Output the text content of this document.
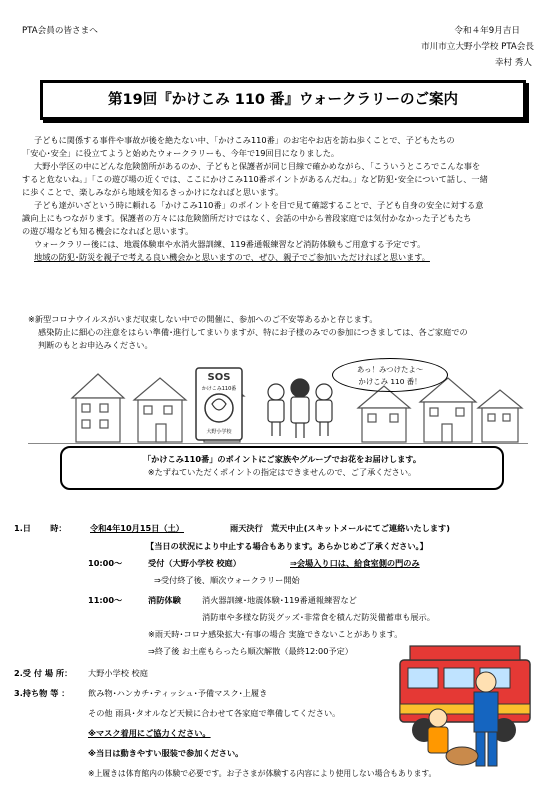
PTA会員の皆さまへ	令和４年9月吉日
市川市立大野小学校 PTA会長
幸村 秀人
第19回『かけこみ 110 番』ウォークラリーのご案内

子どもに関係する事件や事故が後を絶たない中、「かけこみ110番」のお宅やお店を訪ね歩くことで、子どもたちの

「安心･安全」に役立てようと始めたウォークラリーも、今年で19回目になりました。

大野小学区の中にどんな危険箇所があるのか、子どもと保護者が同じ目線で確かめながら、「こういうところでこんな事を

すると危ないね。」「この遊び場の近くでは、ここにかけこみ110番ポイントがあるんだね。」など防犯･安全について話し、一緒

に歩くことで、楽しみながら地域を知るきっかけになればと思います。

子ども達がいざという時に頼れる「かけこみ110番」のポイントを目で見て確認することで、子ども自身の安全に対する意

識向上にもつながります。保護者の方々には危険箇所だけではなく、会話の中から普段家庭では気付かなかった子どもたち

の遊び場なども知る機会になればと思います。

ウォークラリー後には、地震体験車や水消火器訓練、119番通報練習など消防体験もご用意する予定です。

地域の防犯･防災を親子で考える良い機会かと思いますので、ぜひ、親子でご参加いただければと思います。

※新型コロナウイルスがいまだ収束しない中での開催に、参加へのご不安等あるかと存じます。
感染防止に細心の注意をはらい準備･進行してまいりますが、特にお子様のみでの参加につきましては、各ご家庭での
判断のもとお申込みください。
SOS
かけこみ110番
大野小学校
あっ！みつけたよ～
かけこみ 110 番！
「かけこみ110番」のポイントにご家族やグループでお花をお届けします。
※たずねていただくポイントの指定はできませんので、ご了承ください。
1.日　　 時：	令和4年10月15日（土）	雨天決行　荒天中止(スキットメールにてご連絡いたします)
【当日の状況により中止する場合もあります。あらかじめご了承ください。】
10:00～	受付（大野小学校 校庭）	⇒会場入り口は、給食室側の門のみ
⇒受付終了後、順次ウォークラリー開始
11:00～	消防体験	消火器訓練･地震体験･119番通報練習など
消防車や多様な防災グッズ･非常食を積んだ防災備蓄車も展示。
※雨天時･コロナ感染拡大･有事の場合 実施できないことがあります。
⇒終了後 お土産もらったら順次解散（最終12:00予定）
2.受 付 場 所： 大野小学校 校庭
3.持ち物 等 ： 飲み物･ハンカチ･ティッシュ･予備マスク･上履き
その他 雨具･タオルなど天候に合わせて各家庭で準備してください。
※マスク着用にご協力ください。
※当日は動きやすい服装で参加ください。
※上履きは体育館内の体験で必要です。お子さまが体験する内容により使用しない場合もあります。
